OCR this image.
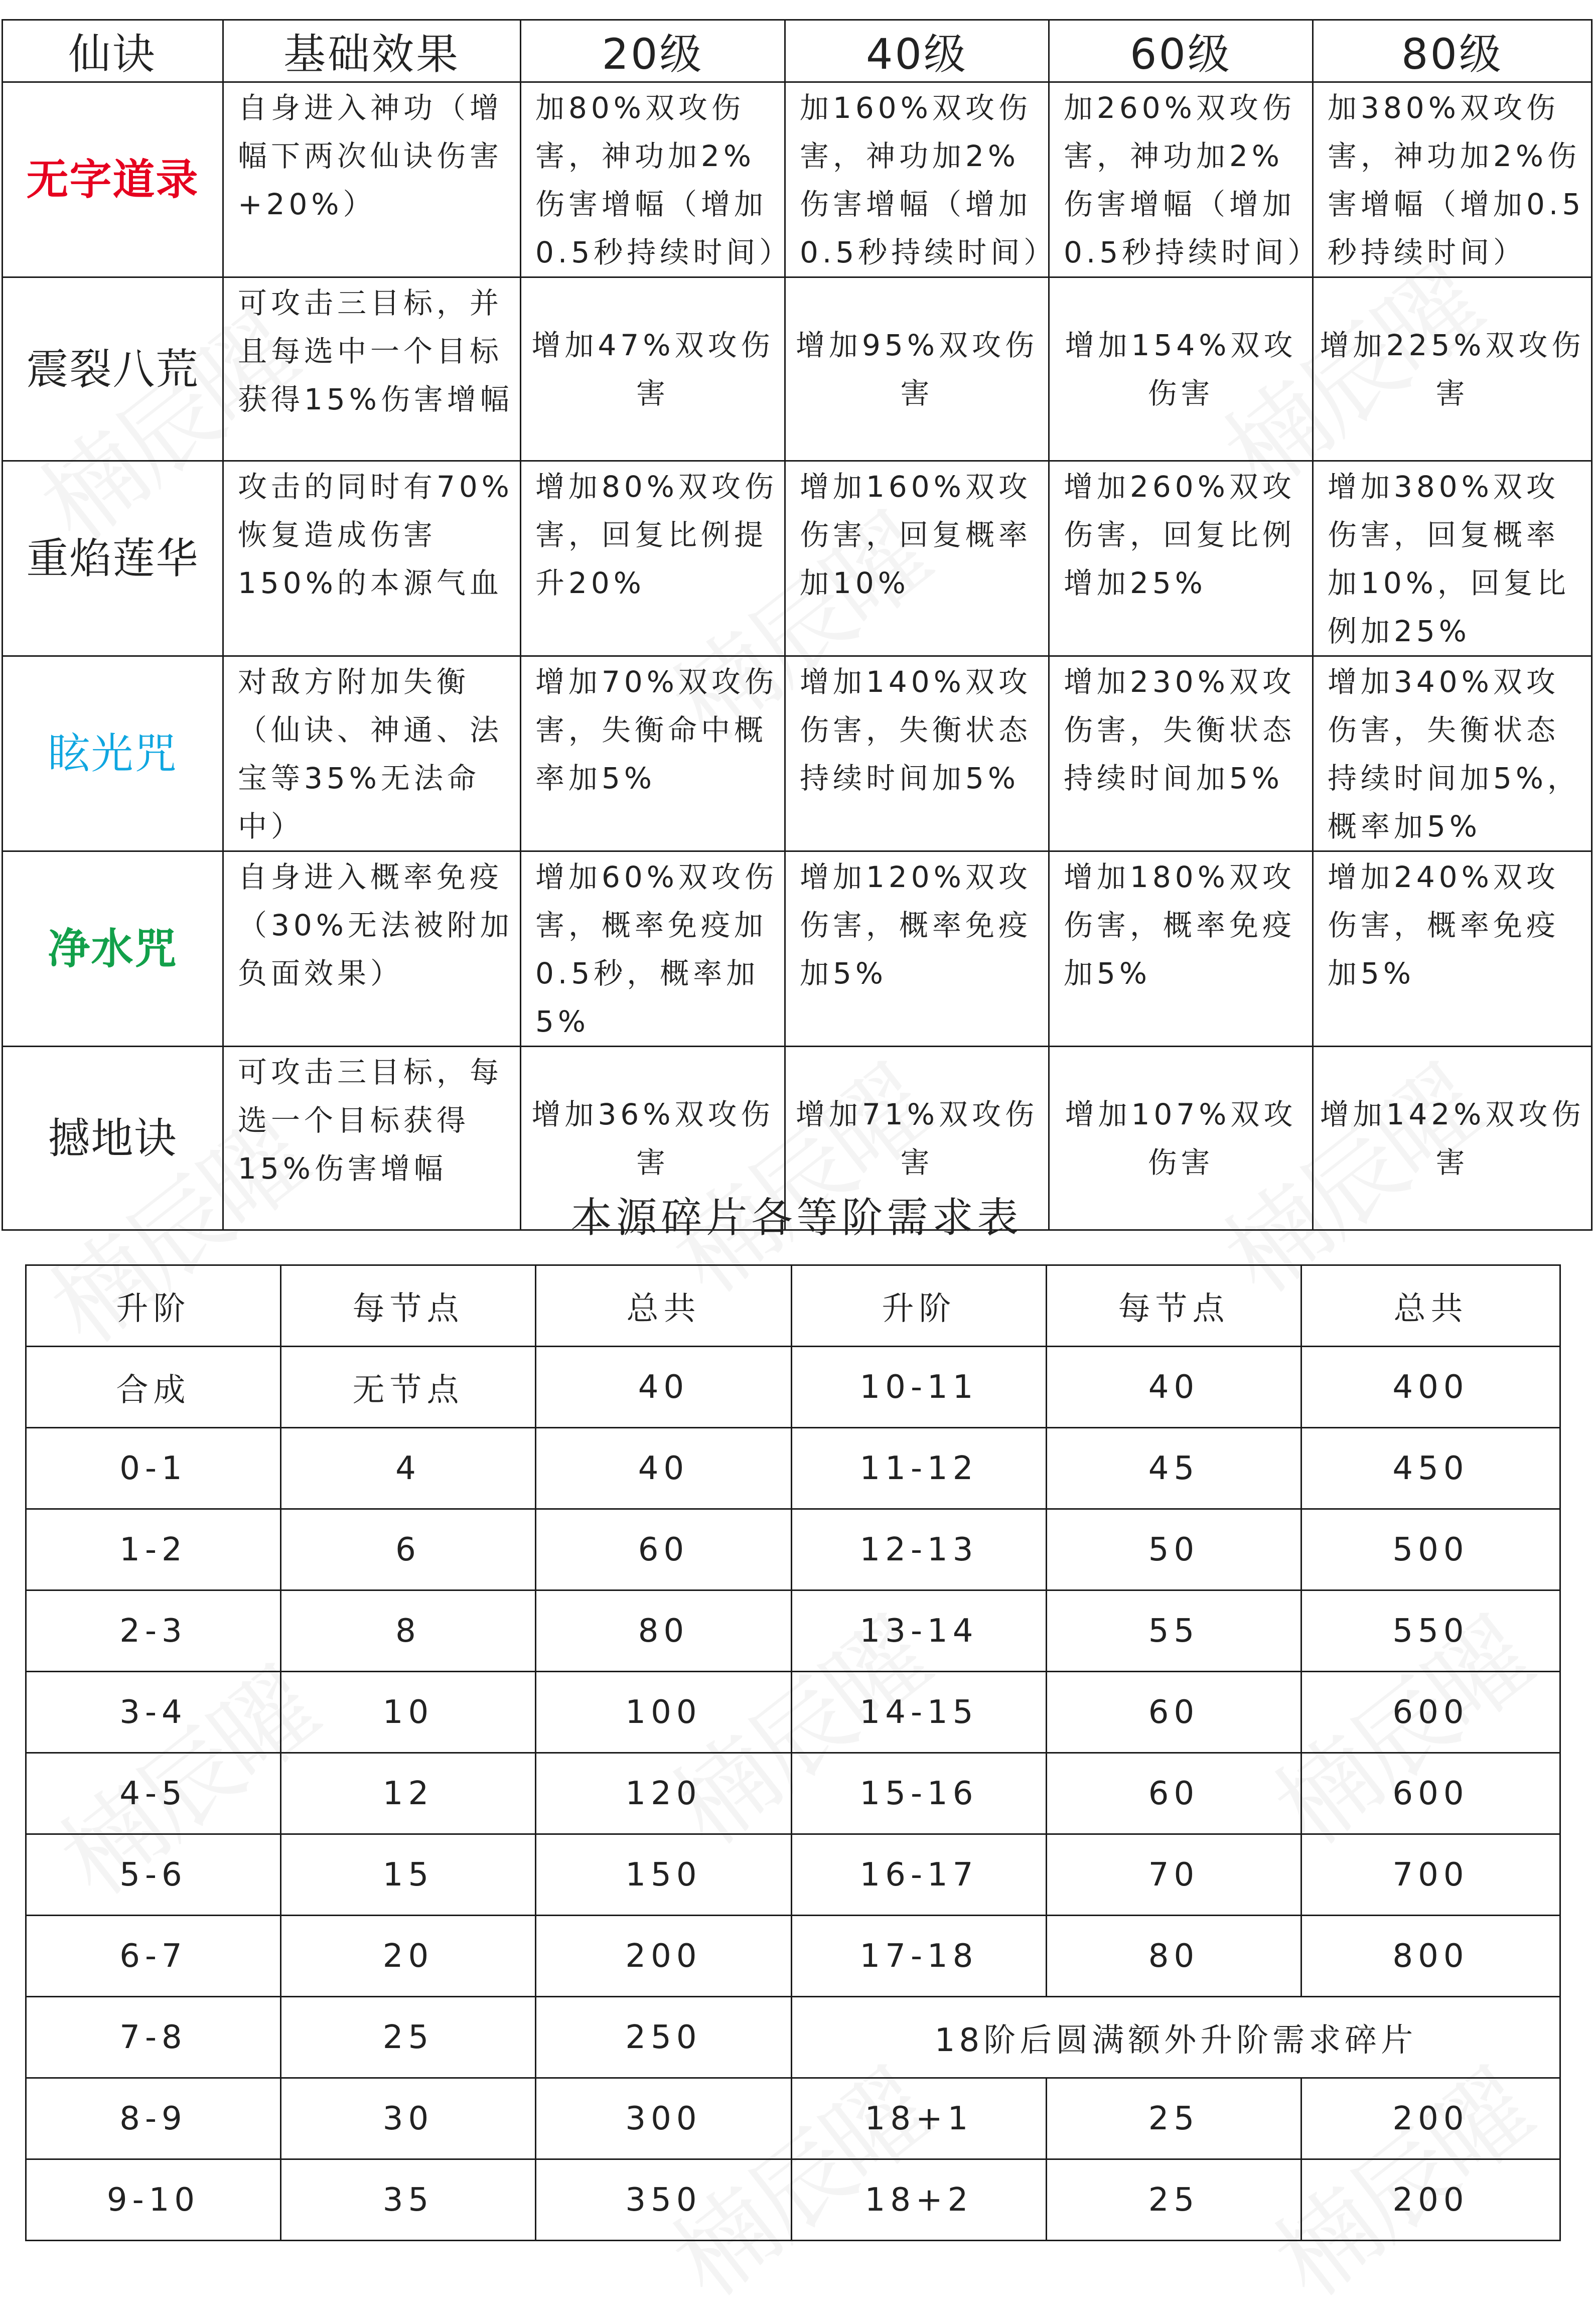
仙诀	基础效果	20级	40级	60级	80级
无字道录	自身进入神功（增幅下两次仙诀伤害+20%）	加80%双攻伤害，神功加2%伤害增幅（增加0.5秒持续时间）	加160%双攻伤害，神功加2%伤害增幅（增加0.5秒持续时间）	加260%双攻伤害，神功加2%伤害增幅（增加0.5秒持续时间）	加380%双攻伤害，神功加2%伤害增幅（增加0.5秒持续时间）
震裂八荒	可攻击三目标，并且每选中一个目标获得15%伤害增幅	增加47%双攻伤害	增加95%双攻伤害	增加154%双攻伤害	增加225%双攻伤害
重焰莲华	攻击的同时有70%恢复造成伤害150%的本源气血	增加80%双攻伤害，回复比例提升20%	增加160%双攻伤害，回复概率加10%	增加260%双攻伤害，回复比例增加25%	增加380%双攻伤害，回复概率加10%，回复比例加25%
眩光咒	对敌方附加失衡（仙诀、神通、法宝等35%无法命中）	增加70%双攻伤害，失衡命中概率加5%	增加140%双攻伤害，失衡状态持续时间加5%	增加230%双攻伤害，失衡状态持续时间加5%	增加340%双攻伤害，失衡状态持续时间加5%，概率加5%
净水咒	自身进入概率免疫（30%无法被附加负面效果）	增加60%双攻伤害，概率免疫加0.5秒，概率加5%	增加120%双攻伤害，概率免疫加5%	增加180%双攻伤害，概率免疫加5%	增加240%双攻伤害，概率免疫加5%
撼地诀	可攻击三目标，每选一个目标获得15%伤害增幅	增加36%双攻伤害	增加71%双攻伤害	增加107%双攻伤害	增加142%双攻伤害
本源碎片各等阶需求表
升阶	每节点	总共	升阶	每节点	总共
合成	无节点	40	10-11	40	400
0-1	4	40	11-12	45	450
1-2	6	60	12-13	50	500
2-3	8	80	13-14	55	550
3-4	10	100	14-15	60	600
4-5	12	120	15-16	60	600
5-6	15	150	16-17	70	700
6-7	20	200	17-18	80	800
7-8	25	250	18阶后圆满额外升阶需求碎片		
8-9	30	300	18+1	25	200
9-10	35	350	18+2	25	200
